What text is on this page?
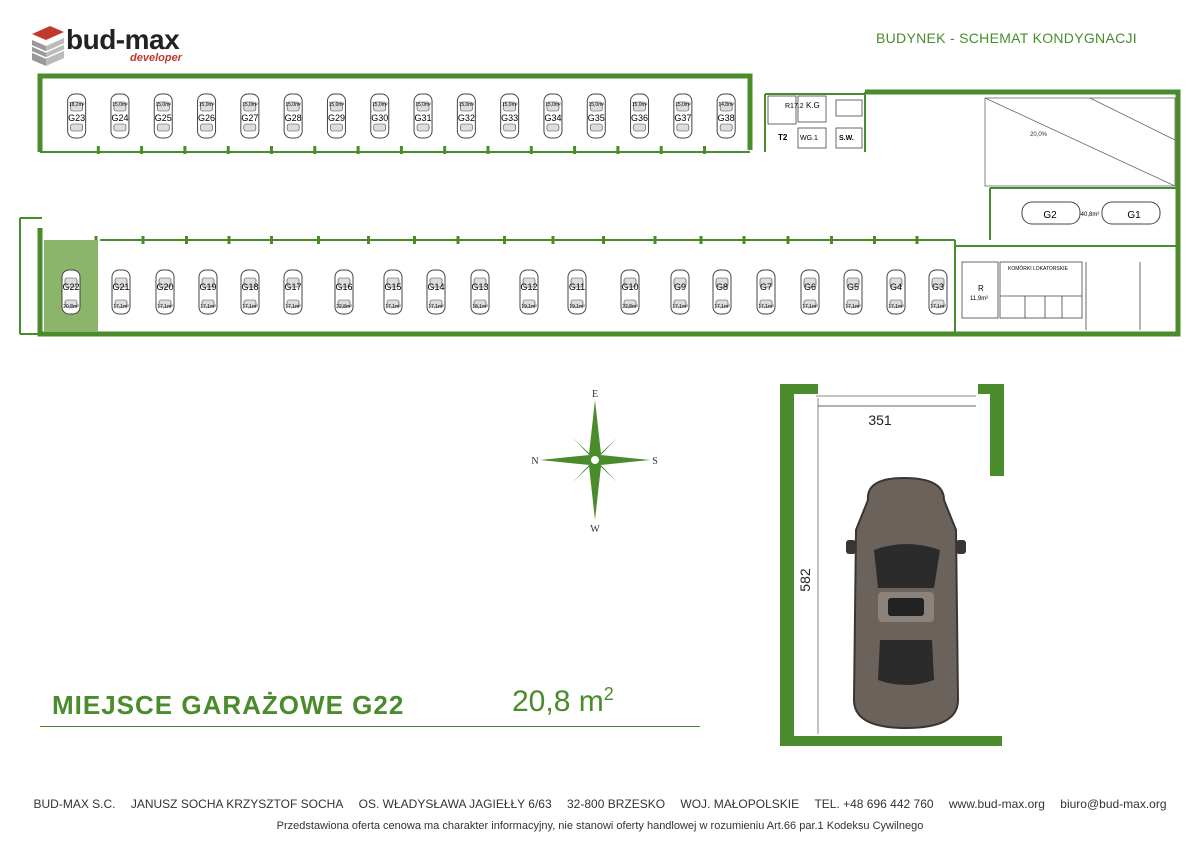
bud-max
developer
BUDYNEK - SCHEMAT KONDYGNACJI
18,2m²
G23
15,0m²
G24
15,0m²
G25
15,0m²
G26
15,0m²
G27
15,0m²
G28
15,0m²
G29
15,0m²
G30
15,0m²
G31
15,0m²
G32
15,0m²
G33
15,0m²
G34
15,0m²
G35
15,0m²
G36
15,0m²
G37
14,8m²
G38
G22
20,8m²
G21
17,1m²
G20
17,1m²
G19
17,1m²
G18
17,1m²
G17
17,1m²
G16
22,8m²
G15
17,1m²
G14
17,1m²
G13
18,1m²
G12
19,1m²
G11
19,1m²
G10
22,8m²
G9
17,1m²
G8
17,1m²
G7
17,1m²
G6
17,1m²
G5
17,1m²
G4
17,1m²
G3
17,1m²
20,0%
G2	G1
40,8m²
R17.2 K.G
T2 WG.1	S.W.
R
11,9m²
KOMÓRKI LOKATORSKIE
E
W
N	S
351
582
MIEJSCE GARAŻOWE G22	20,8 $m^2$
BUD-MAX S.C. JANUSZ SOCHA KRZYSZTOF SOCHA OS. WŁADYSŁAWA JAGIEŁŁY 6/63 32-800 BRZESKO WOJ. MAŁOPOLSKIE TEL. +48 696 442 760 www.bud-max.org biuro@bud-max.org
Przedstawiona oferta cenowa ma charakter informacyjny, nie stanowi oferty handlowej w rozumieniu Art.66 par.1 Kodeksu Cywilnego
